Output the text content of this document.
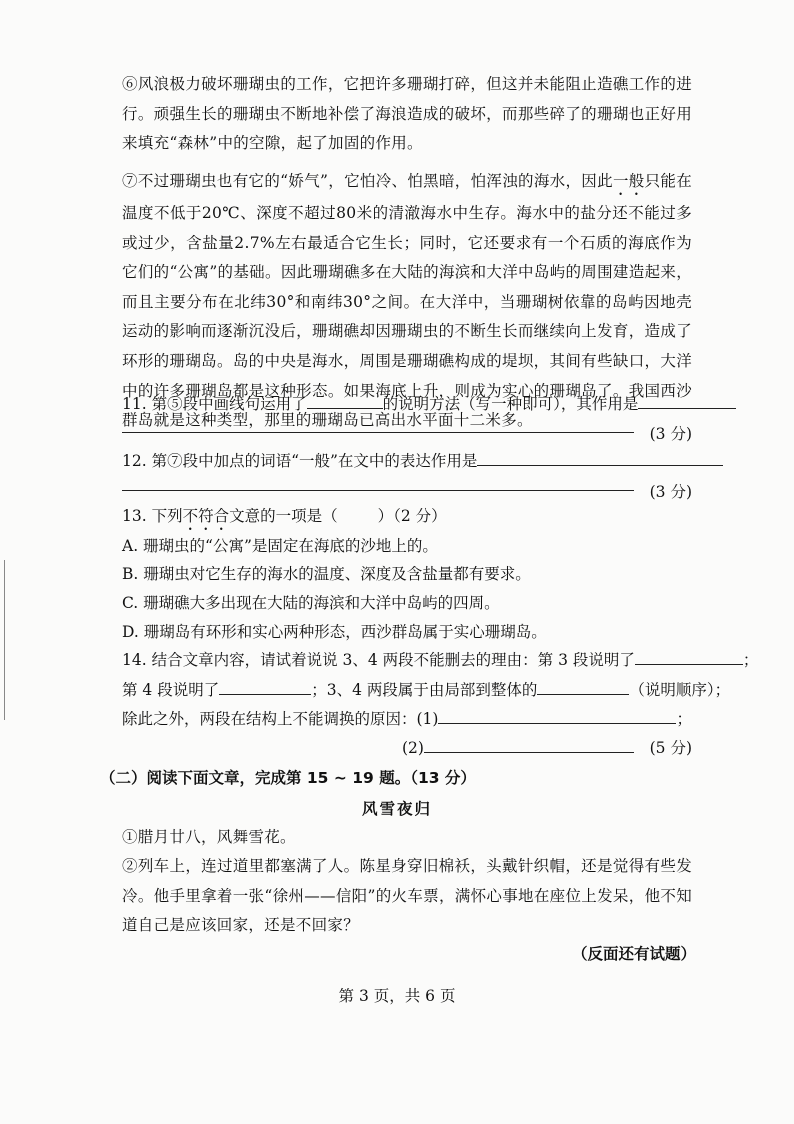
⑥风浪极力破坏珊瑚虫的工作，它把许多珊瑚打碎，但这并未能阻止造礁工作的进行。顽强生长的珊瑚虫不断地补偿了海浪造成的破坏，而那些碎了的珊瑚也正好用来填充“森林”中的空隙，起了加固的作用。
⑦不过珊瑚虫也有它的“娇气”，它怕冷、怕黑暗，怕浑浊的海水，因此一般只能在温度不低于20℃、深度不超过80米的清澈海水中生存。海水中的盐分还不能过多或过少，含盐量2.7%左右最适合它生长；同时，它还要求有一个石质的海底作为它们的“公寓”的基础。因此珊瑚礁多在大陆的海滨和大洋中岛屿的周围建造起来，而且主要分布在北纬30°和南纬30°之间。在大洋中，当珊瑚树依靠的岛屿因地壳运动的影响而逐渐沉没后，珊瑚礁却因珊瑚虫的不断生长而继续向上发育，造成了环形的珊瑚岛。岛的中央是海水，周围是珊瑚礁构成的堤坝，其间有些缺口，大洋中的许多珊瑚岛都是这种形态。如果海底上升，则成为实心的珊瑚岛了。我国西沙群岛就是这种类型，那里的珊瑚岛已高出水平面十二米多。
11. 第⑤段中画线句运用了	的说明方法（写一种即可），其作用是
(3 分)
12. 第⑦段中加点的词语“一般”在文中的表达作用是
(3 分)
13. 下列不符合文意的一项是（	）（2 分）
A. 珊瑚虫的“公寓”是固定在海底的沙地上的。
B. 珊瑚虫对它生存的海水的温度、深度及含盐量都有要求。
C. 珊瑚礁大多出现在大陆的海滨和大洋中岛屿的四周。
D. 珊瑚岛有环形和实心两种形态，西沙群岛属于实心珊瑚岛。
14. 结合文章内容，请试着说说 3、4 两段不能删去的理由：第 3 段说明了	；
第 4 段说明了	；3、4 两段属于由局部到整体的	（说明顺序）；
除此之外，两段在结构上不能调换的原因：(1)	；
(2)	(5 分)
（二）阅读下面文章，完成第 15 ~ 19 题。（13 分）
风雪夜归
①腊月廿八，风舞雪花。
②列车上，连过道里都塞满了人。陈星身穿旧棉袄，头戴针织帽，还是觉得有些发冷。他手里拿着一张“徐州——信阳”的火车票，满怀心事地在座位上发呆，他不知道自己是应该回家，还是不回家？
（反面还有试题）
第 3 页，共 6 页
